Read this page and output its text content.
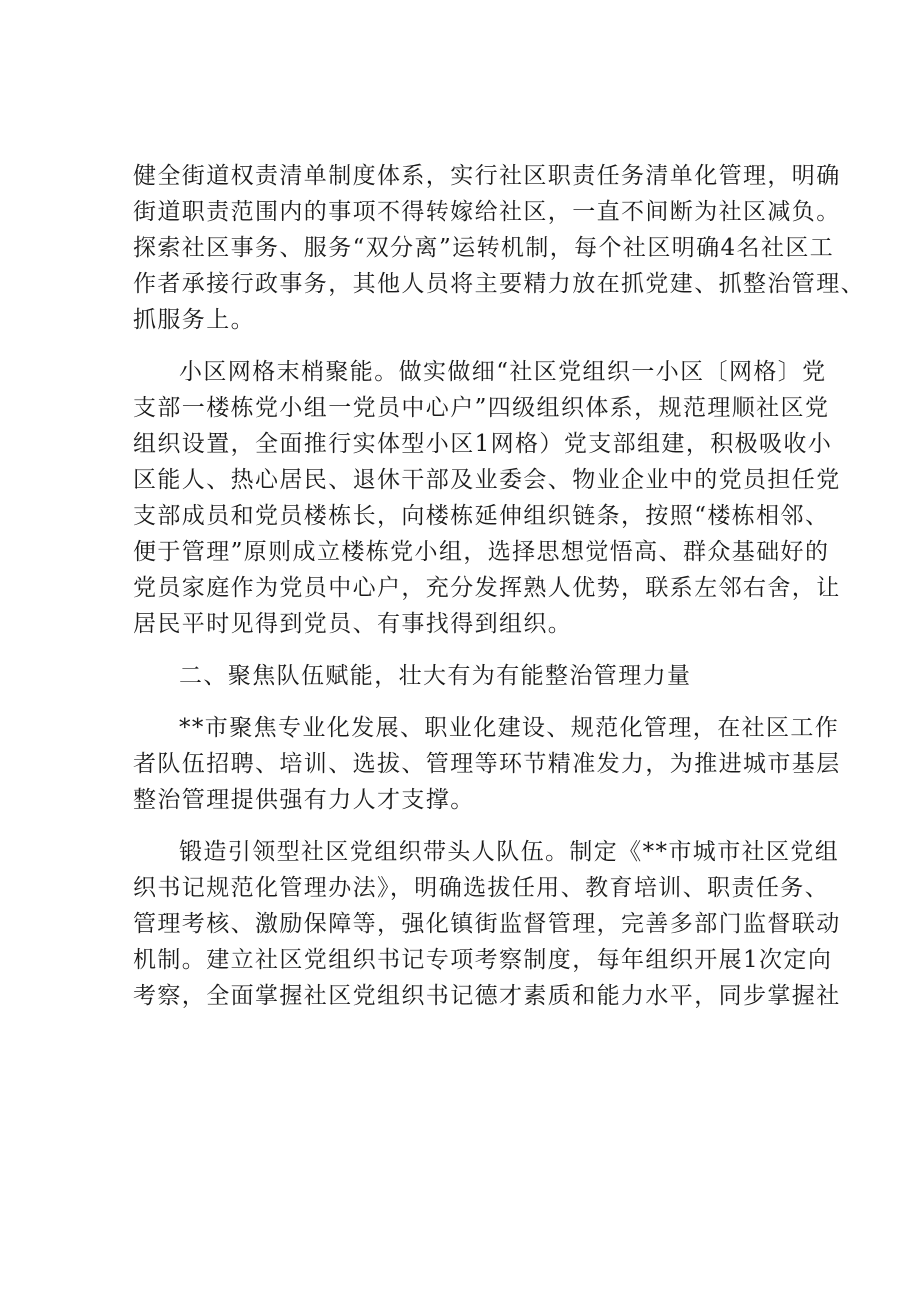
健全街道权责清单制度体系，实行社区职责任务清单化管理，明确
街道职责范围内的事项不得转嫁给社区，一直不间断为社区减负。
探索社区事务、服务“双分离”运转机制，每个社区明确4名社区工
作者承接行政事务，其他人员将主要精力放在抓党建、抓整治管理、
抓服务上。
小区网格末梢聚能。做实做细“社区党组织一小区〔网格〕党
支部一楼栋党小组一党员中心户”四级组织体系，规范理顺社区党
组织设置，全面推行实体型小区1网格）党支部组建，积极吸收小
区能人、热心居民、退休干部及业委会、物业企业中的党员担任党
支部成员和党员楼栋长，向楼栋延伸组织链条，按照“楼栋相邻、
便于管理”原则成立楼栋党小组，选择思想觉悟高、群众基础好的
党员家庭作为党员中心户，充分发挥熟人优势，联系左邻右舍，让
居民平时见得到党员、有事找得到组织。
二、聚焦队伍赋能，壮大有为有能整治管理力量
**市聚焦专业化发展、职业化建设、规范化管理，在社区工作
者队伍招聘、培训、选拔、管理等环节精准发力，为推进城市基层
整治管理提供强有力人才支撑。
锻造引领型社区党组织带头人队伍。制定《**市城市社区党组
织书记规范化管理办法》，明确选拔任用、教育培训、职责任务、
管理考核、激励保障等，强化镇街监督管理，完善多部门监督联动
机制。建立社区党组织书记专项考察制度，每年组织开展1次定向
考察，全面掌握社区党组织书记德才素质和能力水平，同步掌握社
